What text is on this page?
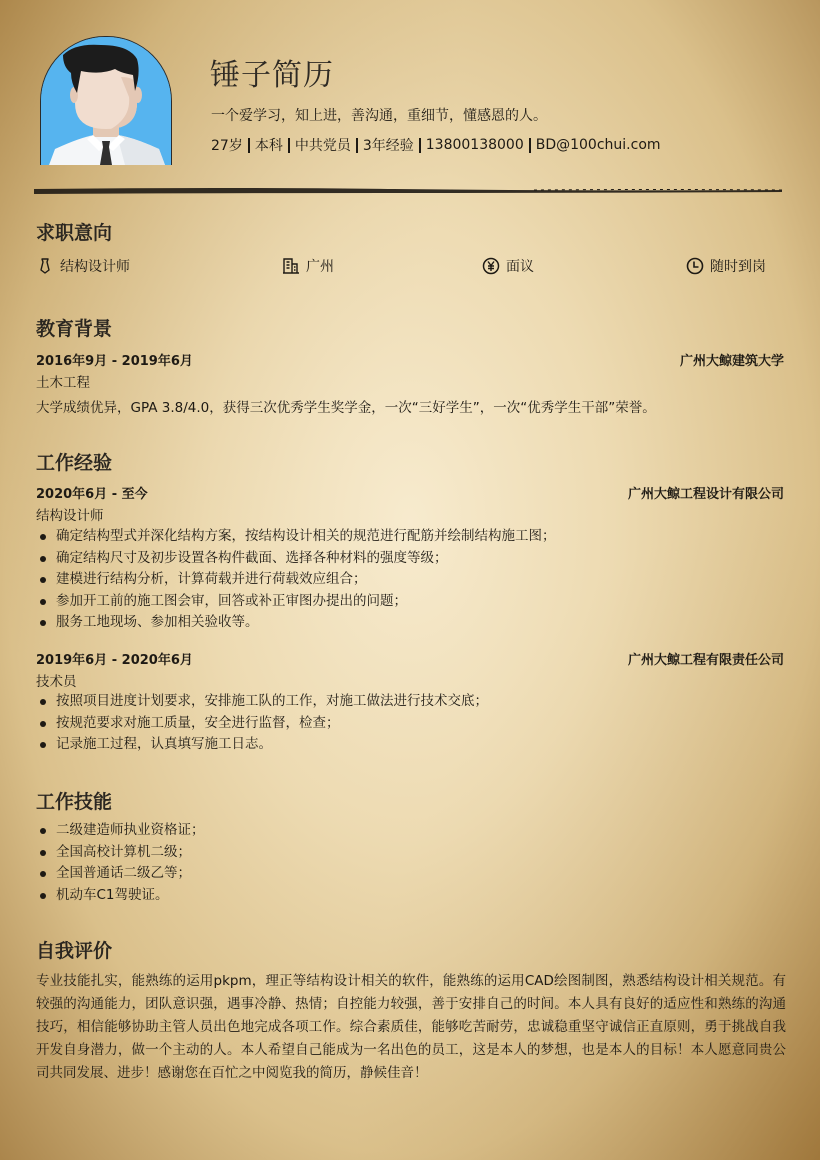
锤子简历
一个爱学习，知上进，善沟通，重细节，懂感恩的人。
27岁 本科 中共党员 3年经验 13800138000 BD@100chui.com
求职意向
结构设计师	广州	面议	随时到岗
教育背景
2016年9月 - 2019年6月	广州大鲸建筑大学
土木工程
大学成绩优异，GPA 3.8/4.0，获得三次优秀学生奖学金，一次“三好学生”，一次“优秀学生干部”荣誉。
工作经验
2020年6月 - 至今	广州大鲸工程设计有限公司
结构设计师
确定结构型式并深化结构方案，按结构设计相关的规范进行配筋并绘制结构施工图；
确定结构尺寸及初步设置各构件截面、选择各种材料的强度等级；
建模进行结构分析，计算荷载并进行荷载效应组合；
参加开工前的施工图会审，回答或补正审图办提出的问题；
服务工地现场、参加相关验收等。
2019年6月 - 2020年6月	广州大鲸工程有限责任公司
技术员
按照项目进度计划要求，安排施工队的工作，对施工做法进行技术交底；
按规范要求对施工质量，安全进行监督，检查；
记录施工过程，认真填写施工日志。
工作技能
二级建造师执业资格证；
全国高校计算机二级；
全国普通话二级乙等；
机动车C1驾驶证。
自我评价
专业技能扎实，能熟练的运用pkpm，理正等结构设计相关的软件，能熟练的运用CAD绘图制图，熟悉结构设计相关规范。有较强的沟通能力，团队意识强，遇事冷静、热情；自控能力较强，善于安排自己的时间。本人具有良好的适应性和熟练的沟通技巧，相信能够协助主管人员出色地完成各项工作。综合素质佳，能够吃苦耐劳，忠诚稳重坚守诚信正直原则，勇于挑战自我开发自身潜力，做一个主动的人。本人希望自己能成为一名出色的员工，这是本人的梦想，也是本人的目标！本人愿意同贵公司共同发展、进步！感谢您在百忙之中阅览我的简历，静候佳音！
